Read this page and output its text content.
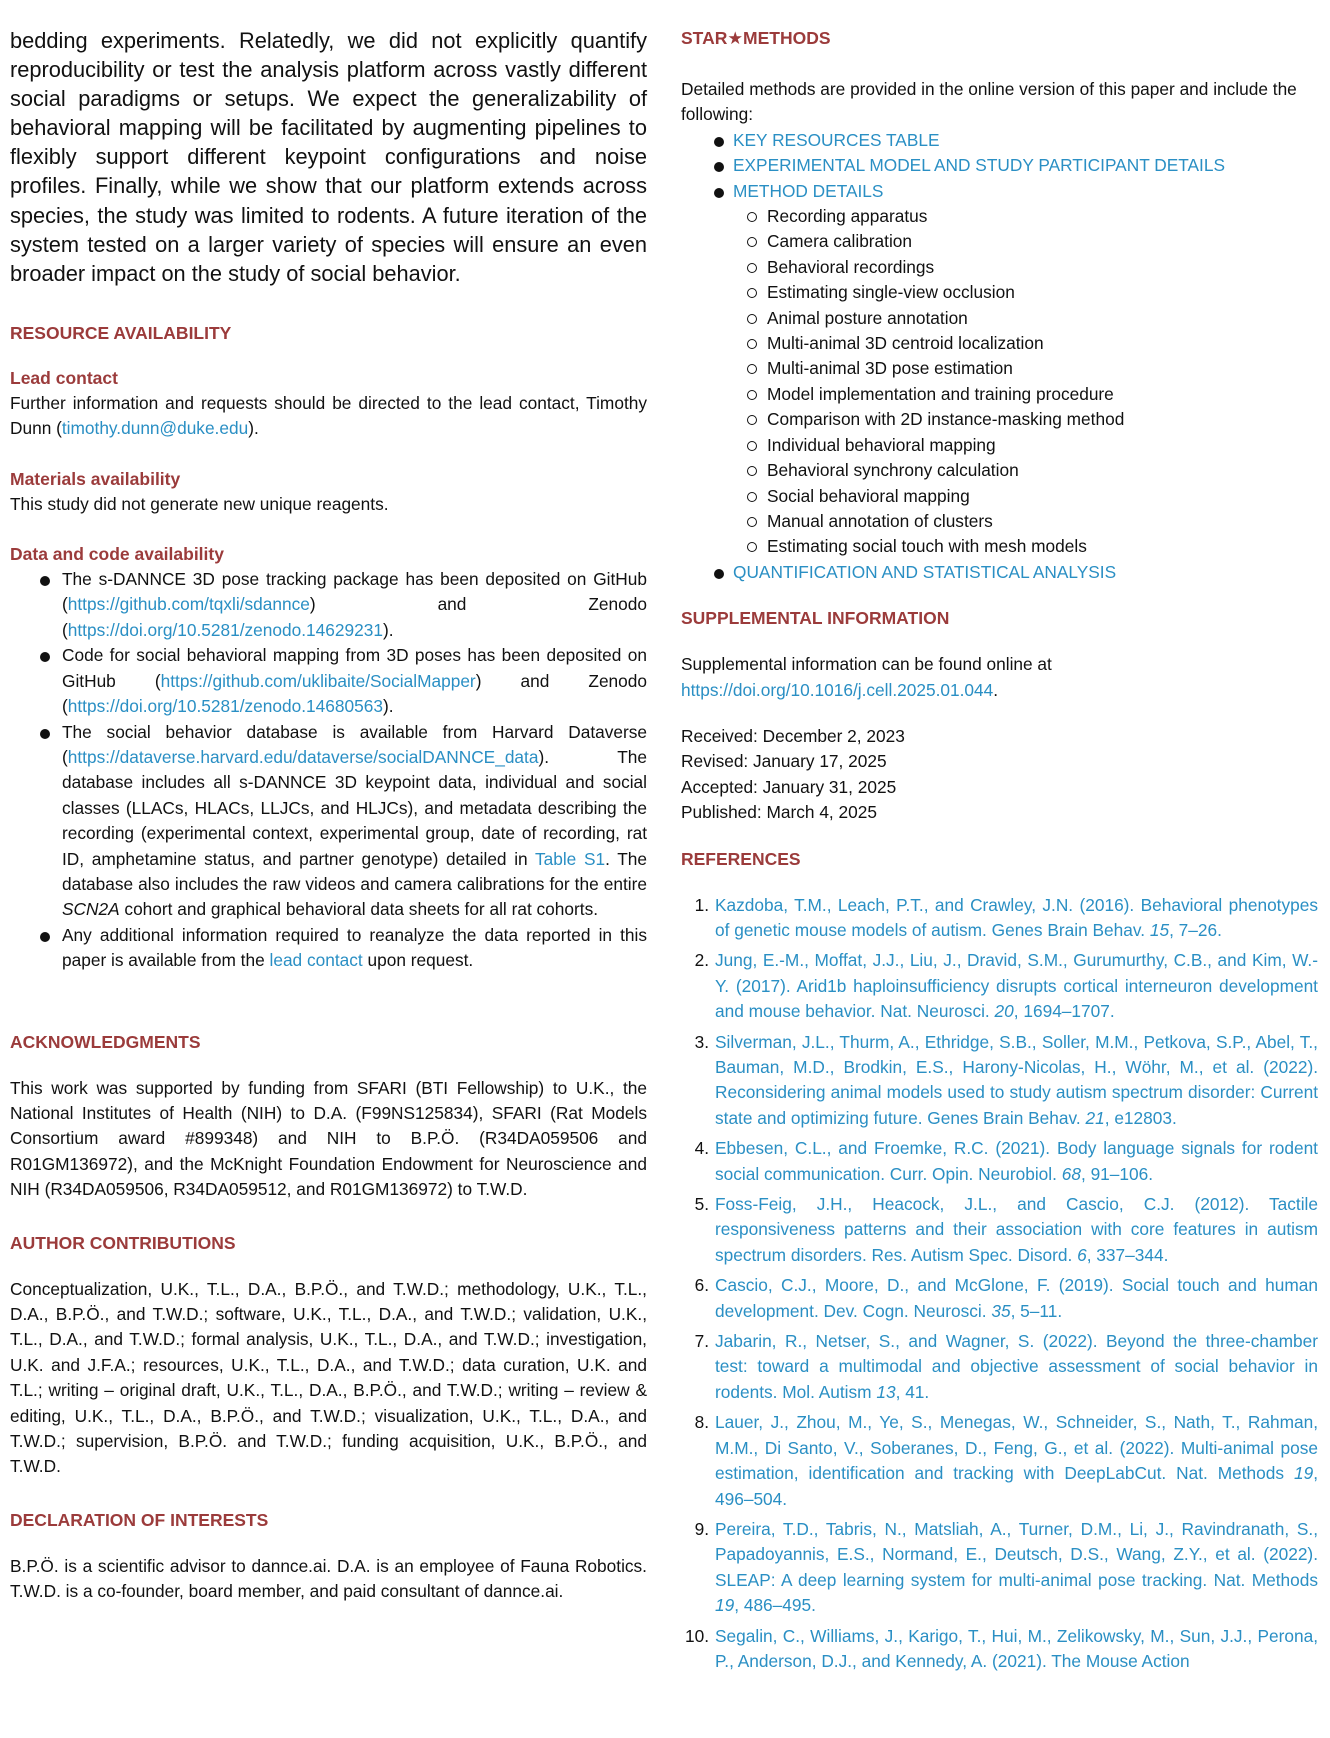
bedding experiments. Relatedly, we did not explicitly quantify reproducibility or test the analysis platform across vastly different social paradigms or setups. We expect the generalizability of behavioral mapping will be facilitated by augmenting pipelines to flexibly support different keypoint configurations and noise profiles. Finally, while we show that our platform extends across species, the study was limited to rodents. A future iteration of the system tested on a larger variety of species will ensure an even broader impact on the study of social behavior.

RESOURCE AVAILABILITY
Lead contact

Further information and requests should be directed to the lead contact, Timothy Dunn (timothy.dunn@duke.edu).

Materials availability

This study did not generate new unique reagents.

Data and code availability
The s-DANNCE 3D pose tracking package has been deposited on GitHub (https://github.com/tqxli/sdannce) and Zenodo (https://doi.org/10.5281/zenodo.14629231).
Code for social behavioral mapping from 3D poses has been deposited on GitHub (https://github.com/uklibaite/SocialMapper) and Zenodo (https://doi.org/10.5281/zenodo.14680563).
The social behavior database is available from Harvard Dataverse (https://dataverse.harvard.edu/dataverse/socialDANNCE_data). The database includes all s-DANNCE 3D keypoint data, individual and social classes (LLACs, HLACs, LLJCs, and HLJCs), and metadata describing the recording (experimental context, experimental group, date of recording, rat ID, amphetamine status, and partner genotype) detailed in Table S1. The database also includes the raw videos and camera calibrations for the entire SCN2A cohort and graphical behavioral data sheets for all rat cohorts.
Any additional information required to reanalyze the data reported in this paper is available from the lead contact upon request.
ACKNOWLEDGMENTS

This work was supported by funding from SFARI (BTI Fellowship) to U.K., the National Institutes of Health (NIH) to D.A. (F99NS125834), SFARI (Rat Models Consortium award #899348) and NIH to B.P.Ö. (R34DA059506 and R01GM136972), and the McKnight Foundation Endowment for Neuroscience and NIH (R34DA059506, R34DA059512, and R01GM136972) to T.W.D.

AUTHOR CONTRIBUTIONS

Conceptualization, U.K., T.L., D.A., B.P.Ö., and T.W.D.; methodology, U.K., T.L., D.A., B.P.Ö., and T.W.D.; software, U.K., T.L., D.A., and T.W.D.; validation, U.K., T.L., D.A., and T.W.D.; formal analysis, U.K., T.L., D.A., and T.W.D.; investigation, U.K. and J.F.A.; resources, U.K., T.L., D.A., and T.W.D.; data curation, U.K. and T.L.; writing – original draft, U.K., T.L., D.A., B.P.Ö., and T.W.D.; writing – review & editing, U.K., T.L., D.A., B.P.Ö., and T.W.D.; visualization, U.K., T.L., D.A., and T.W.D.; supervision, B.P.Ö. and T.W.D.; funding acquisition, U.K., B.P.Ö., and T.W.D.

DECLARATION OF INTERESTS

B.P.Ö. is a scientific advisor to dannce.ai. D.A. is an employee of Fauna Robotics. T.W.D. is a co-founder, board member, and paid consultant of dannce.ai.

STAR★METHODS

Detailed methods are provided in the online version of this paper and include the following:

KEY RESOURCES TABLE
EXPERIMENTAL MODEL AND STUDY PARTICIPANT DETAILS
METHOD DETAILS
Recording apparatus
Camera calibration
Behavioral recordings
Estimating single-view occlusion
Animal posture annotation
Multi-animal 3D centroid localization
Multi-animal 3D pose estimation
Model implementation and training procedure
Comparison with 2D instance-masking method
Individual behavioral mapping
Behavioral synchrony calculation
Social behavioral mapping
Manual annotation of clusters
Estimating social touch with mesh models
QUANTIFICATION AND STATISTICAL ANALYSIS
SUPPLEMENTAL INFORMATION

Supplemental information can be found online at https://doi.org/10.1016/j.cell.2025.01.044.

Received: December 2, 2023
Revised: January 17, 2025
Accepted: January 31, 2025
Published: March 4, 2025
REFERENCES
1. Kazdoba, T.M., Leach, P.T., and Crawley, J.N. (2016). Behavioral phenotypes of genetic mouse models of autism. Genes Brain Behav. 15, 7–26.
2. Jung, E.-M., Moffat, J.J., Liu, J., Dravid, S.M., Gurumurthy, C.B., and Kim, W.-Y. (2017). Arid1b haploinsufficiency disrupts cortical interneuron development and mouse behavior. Nat. Neurosci. 20, 1694–1707.
3. Silverman, J.L., Thurm, A., Ethridge, S.B., Soller, M.M., Petkova, S.P., Abel, T., Bauman, M.D., Brodkin, E.S., Harony-Nicolas, H., Wöhr, M., et al. (2022). Reconsidering animal models used to study autism spectrum disorder: Current state and optimizing future. Genes Brain Behav. 21, e12803.
4. Ebbesen, C.L., and Froemke, R.C. (2021). Body language signals for rodent social communication. Curr. Opin. Neurobiol. 68, 91–106.
5. Foss-Feig, J.H., Heacock, J.L., and Cascio, C.J. (2012). Tactile responsiveness patterns and their association with core features in autism spectrum disorders. Res. Autism Spec. Disord. 6, 337–344.
6. Cascio, C.J., Moore, D., and McGlone, F. (2019). Social touch and human development. Dev. Cogn. Neurosci. 35, 5–11.
7. Jabarin, R., Netser, S., and Wagner, S. (2022). Beyond the three-chamber test: toward a multimodal and objective assessment of social behavior in rodents. Mol. Autism 13, 41.
8. Lauer, J., Zhou, M., Ye, S., Menegas, W., Schneider, S., Nath, T., Rahman, M.M., Di Santo, V., Soberanes, D., Feng, G., et al. (2022). Multi-animal pose estimation, identification and tracking with DeepLabCut. Nat. Methods 19, 496–504.
9. Pereira, T.D., Tabris, N., Matsliah, A., Turner, D.M., Li, J., Ravindranath, S., Papadoyannis, E.S., Normand, E., Deutsch, D.S., Wang, Z.Y., et al. (2022). SLEAP: A deep learning system for multi-animal pose tracking. Nat. Methods 19, 486–495.
10. Segalin, C., Williams, J., Karigo, T., Hui, M., Zelikowsky, M., Sun, J.J., Perona, P., Anderson, D.J., and Kennedy, A. (2021). The Mouse Action
